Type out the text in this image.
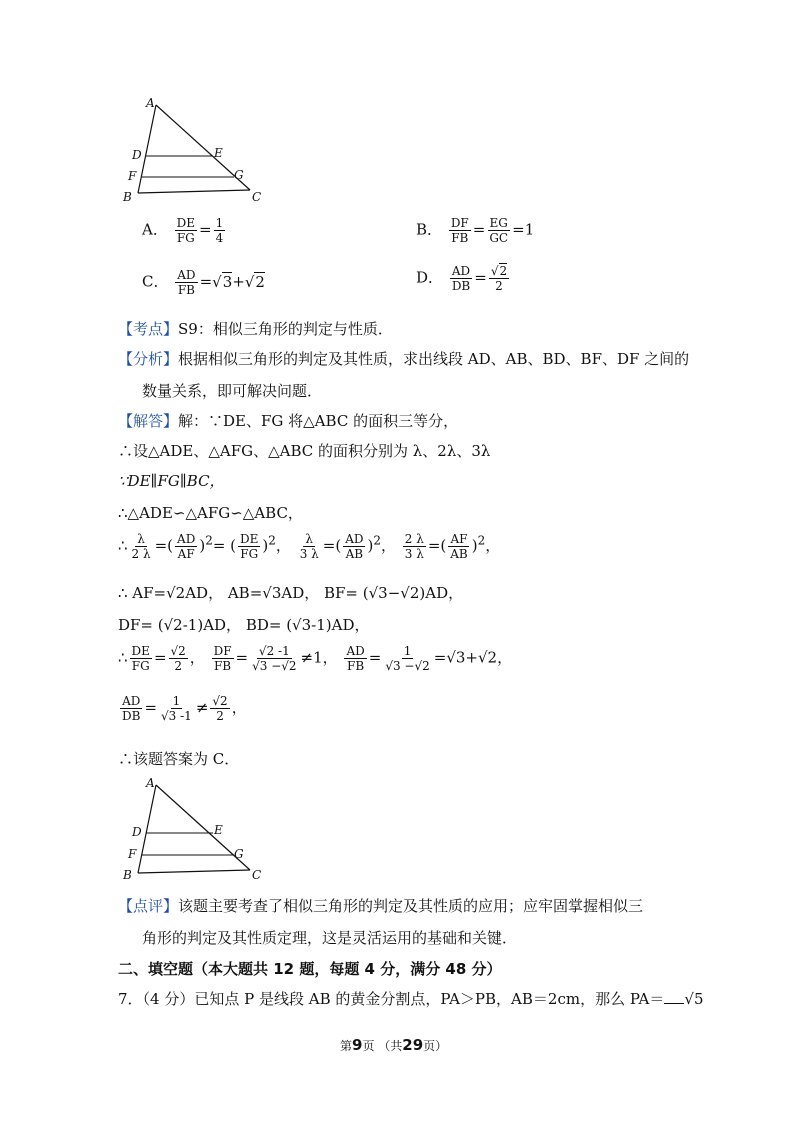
A
D	E
F	G
B	C
A． $\frac{DE}{FG} = \frac{1}{4}$	B． $\frac{DF}{FB} = \frac{EG}{GC} =1$
C． $\frac{AD}{FB}$ = √ 3+ √ 2	D． $\frac{AD}{DB}$ = √ $\frac{2}{2}$
【考点】S9：相似三角形的判定与性质．
【分析】根据相似三角形的判定及其性质，求出线段 AD、AB、BD、BF、DF 之间的
数量关系，即可解决问题．
【解答】解：∵DE、FG 将△ABC 的面积三等分，
∴设△ADE、△AFG、△ABC 的面积分别为 λ、2λ、3λ
∵DE∥FG∥BC，
∴△ADE∽△AFG∽△ABC，
∴ $\frac{\lambda}{2 \lambda}$ =( $\frac{AD}{AF} )^2=$ ( $\frac{DE}{FG} )^2$， $\frac{\lambda}{3 \lambda}$ =( $\frac{AD}{AB} )^2$， $\frac{2 \lambda}{3 \lambda}$ =( $\frac{AF}{AB} )^2$，
∴ AF=√2AD， AB=√3AD， BF= (√3−√2)AD，
DF= (√2-1)AD， BD= (√3-1)AD，
∴ $\frac{DE}{FG} = \frac{√2}{2}$ ， $\frac{DF}{FB} = \frac{√2 -1}{√3 -√2} \ne 1$， $\frac{AD}{FB} = \frac{1}{√3 -√2} =√3+√2$，
$\frac{AD}{DB} = \frac{1}{√3 -1} \ne \frac{√2}{2}$ ，
∴该题答案为 C．
A
D	E
F	G
B	C
【点评】该题主要考查了相似三角形的判定及其性质的应用；应牢固掌握相似三
角形的判定及其性质定理，这是灵活运用的基础和关键．
二、填空题（本大题共 12 题，每题 4 分，满分 48 分）
7．（4 分）已知点 P 是线段 AB 的黄金分割点，PA＞PB，AB＝2cm，那么 PA＝ √5
第9页 （共29页）
